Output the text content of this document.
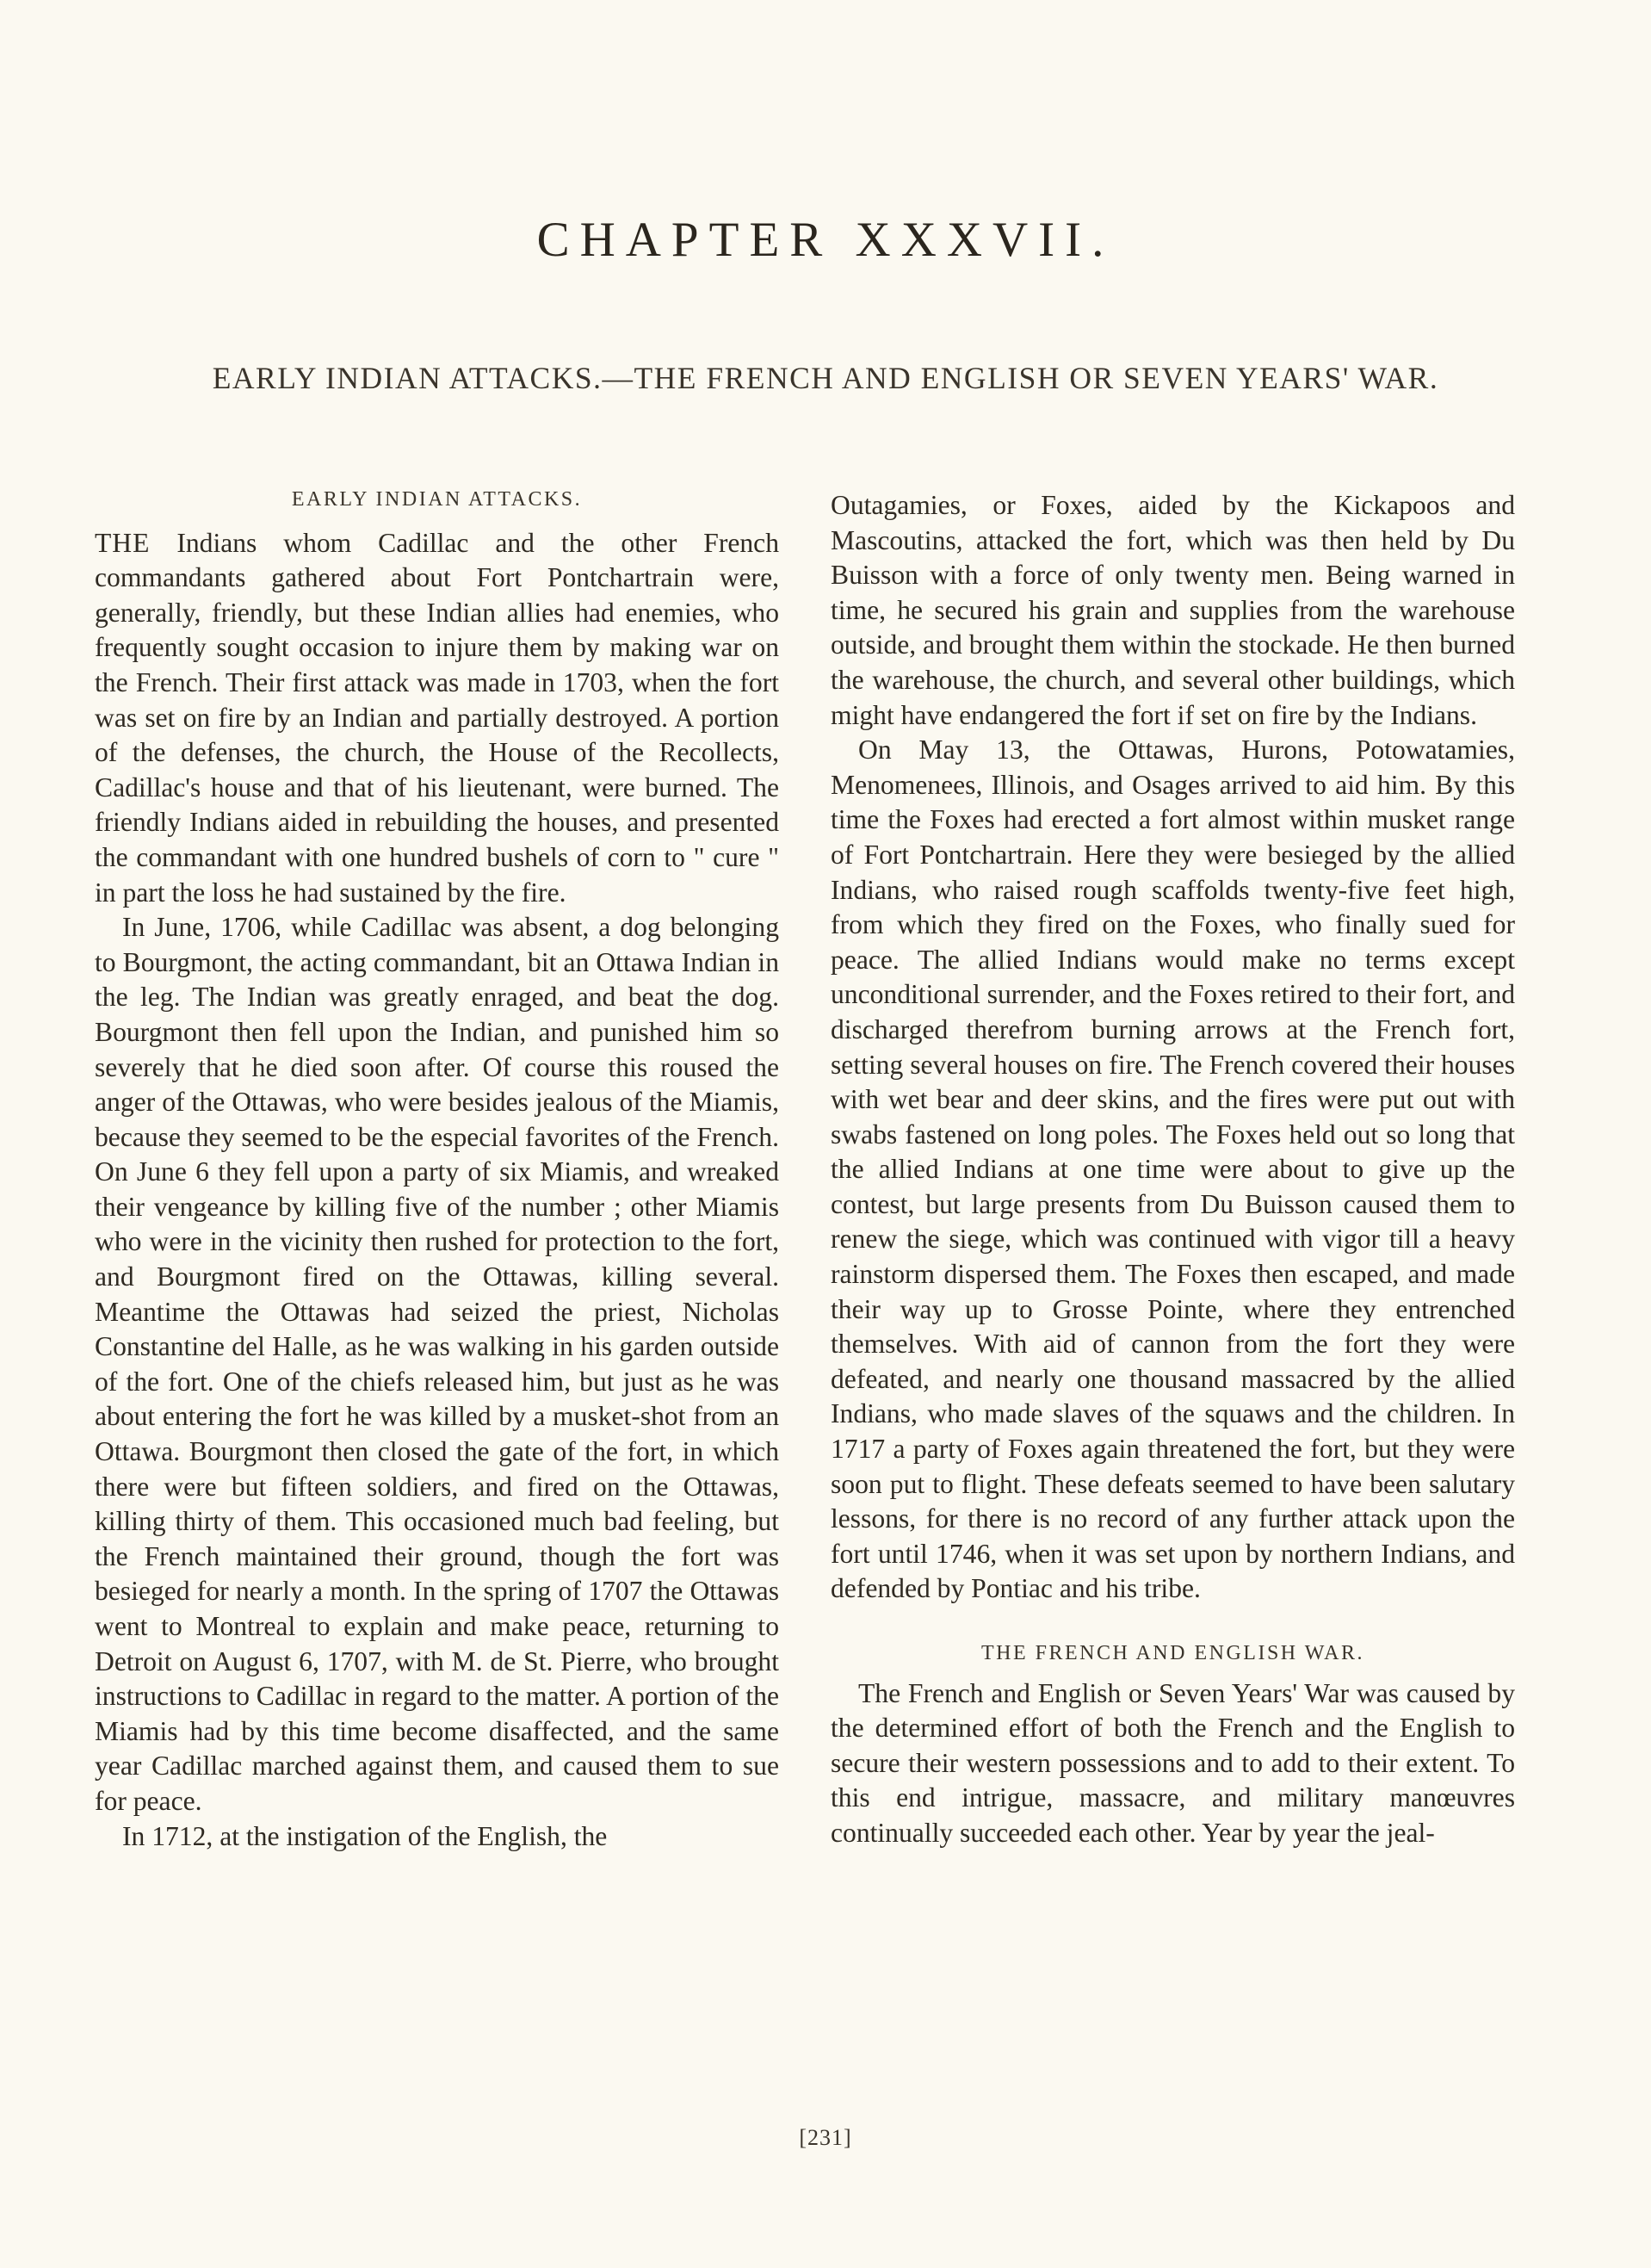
CHAPTER XXXVII.
EARLY INDIAN ATTACKS.—THE FRENCH AND ENGLISH OR SEVEN YEARS' WAR.
EARLY INDIAN ATTACKS.

THE Indians whom Cadillac and the other French commandants gathered about Fort Pontchartrain were, generally, friendly, but these Indian allies had enemies, who frequently sought occasion to injure them by making war on the French. Their first attack was made in 1703, when the fort was set on fire by an Indian and partially destroyed. A portion of the defenses, the church, the House of the Recollects, Cadillac's house and that of his lieutenant, were burned. The friendly Indians aided in rebuilding the houses, and presented the commandant with one hundred bushels of corn to " cure " in part the loss he had sustained by the fire.

In June, 1706, while Cadillac was absent, a dog belonging to Bourgmont, the acting commandant, bit an Ottawa Indian in the leg. The Indian was greatly enraged, and beat the dog. Bourgmont then fell upon the Indian, and punished him so severely that he died soon after. Of course this roused the anger of the Ottawas, who were besides jealous of the Miamis, because they seemed to be the especial favorites of the French. On June 6 they fell upon a party of six Miamis, and wreaked their vengeance by killing five of the number ; other Miamis who were in the vicinity then rushed for protection to the fort, and Bourgmont fired on the Ottawas, killing several. Meantime the Ottawas had seized the priest, Nicholas Constantine del Halle, as he was walking in his garden outside of the fort. One of the chiefs released him, but just as he was about entering the fort he was killed by a musket-shot from an Ottawa. Bourgmont then closed the gate of the fort, in which there were but fifteen soldiers, and fired on the Ottawas, killing thirty of them. This occasioned much bad feeling, but the French maintained their ground, though the fort was besieged for nearly a month. In the spring of 1707 the Ottawas went to Montreal to explain and make peace, returning to Detroit on August 6, 1707, with M. de St. Pierre, who brought instructions to Cadillac in regard to the matter. A portion of the Miamis had by this time become disaffected, and the same year Cadillac marched against them, and caused them to sue for peace.

In 1712, at the instigation of the English, the

Outagamies, or Foxes, aided by the Kickapoos and Mascoutins, attacked the fort, which was then held by Du Buisson with a force of only twenty men. Being warned in time, he secured his grain and supplies from the warehouse outside, and brought them within the stockade. He then burned the warehouse, the church, and several other buildings, which might have endangered the fort if set on fire by the Indians.

On May 13, the Ottawas, Hurons, Potowatamies, Menomenees, Illinois, and Osages arrived to aid him. By this time the Foxes had erected a fort almost within musket range of Fort Pontchartrain. Here they were besieged by the allied Indians, who raised rough scaffolds twenty-five feet high, from which they fired on the Foxes, who finally sued for peace. The allied Indians would make no terms except unconditional surrender, and the Foxes retired to their fort, and discharged therefrom burning arrows at the French fort, setting several houses on fire. The French covered their houses with wet bear and deer skins, and the fires were put out with swabs fastened on long poles. The Foxes held out so long that the allied Indians at one time were about to give up the contest, but large presents from Du Buisson caused them to renew the siege, which was continued with vigor till a heavy rainstorm dispersed them. The Foxes then escaped, and made their way up to Grosse Pointe, where they entrenched themselves. With aid of cannon from the fort they were defeated, and nearly one thousand massacred by the allied Indians, who made slaves of the squaws and the children. In 1717 a party of Foxes again threatened the fort, but they were soon put to flight. These defeats seemed to have been salutary lessons, for there is no record of any further attack upon the fort until 1746, when it was set upon by northern Indians, and defended by Pontiac and his tribe.

THE FRENCH AND ENGLISH WAR.

The French and English or Seven Years' War was caused by the determined effort of both the French and the English to secure their western possessions and to add to their extent. To this end intrigue, massacre, and military manœuvres continually succeeded each other. Year by year the jeal-

[231]
